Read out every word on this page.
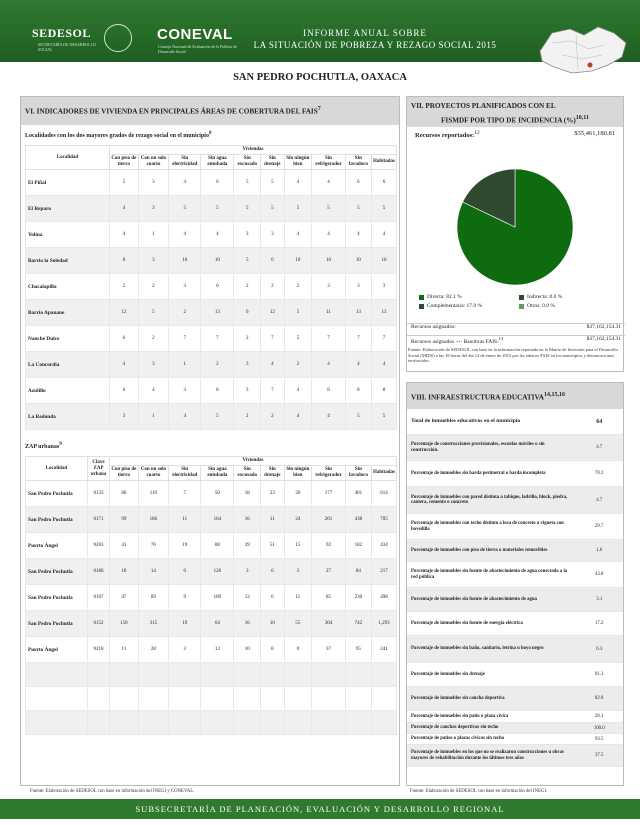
SEDESOL
SECRETARÍA DE DESARROLLO SOCIAL
CONEVAL
Consejo Nacional de Evaluación de la Política de Desarrollo Social
INFORME ANUAL SOBRE
LA SITUACIÓN DE POBREZA Y REZAGO SOCIAL 2015
SAN PEDRO POCHUTLA, OAXACA
VI. INDICADORES DE VIVIENDA EN PRINCIPALES ÁREAS DE COBERTURA DEL FAIS$^7$
Localidades con los dos mayores grados de rezago social en el municipio$^8$
Localidad	Viviendas									
	Con piso de tierra	Con un solo cuarto	Sin electricidad	Sin agua entubada	Sin excusado	Sin drenaje	Sin ningún bien	Sin refrigerador	Sin lavadora	Habitadas
El Piñal	5	3	4	6	5	5	4	4	6	6
El Reparo	4	3	5	5	5	5	5	5	5	5
Yolina	4	1	4	4	3	3	4	4	4	4
Barrio la Soledad	8	3	10	10	5	6	10	10	10	10
Chacalapilla	2	2	3	0	2	2	2	3	3	3
Barrio Apanane	12	5	2	13	6	12	5	11	13	13
Nanche Dulce	6	2	7	7	2	7	5	7	7	7
La Concordia	4	3	1	2	3	4	2	4	4	4
Azulillo	6	4	3	8	3	7	4	8	8	8
La Redonda	3	1	4	5	2	2	4	4	5	5
ZAP urbanas$^9$
Localidad	Clave ZAP urbana	Viviendas									
		Con piso de tierra	Con un solo cuarto	Sin electricidad	Sin agua entubada	Sin excusado	Sin drenaje	Sin ningún bien	Sin refrigerador	Sin lavadora	Habitadas
San Pedro Pochutla	0133	80	119	7	50	18	23	20	177	401	614
San Pedro Pochutla	0171	99	186	11	164	16	11	24	201	438	705
Puerto Ángel	0203	41	76	19	88	39	51	15	92	182	434
San Pedro Pochutla	0186	18	14	0	126	3	6	3	27	84	217
San Pedro Pochutla	0167	47	89	9	189	12	6	11	85	230	498
San Pedro Pochutla	0152	150	315	19	64	16	10	55	304	742	1,293
Puerto Ángel	0218	11	28	3	13	10	8	0	37	95	241

Fuente: Elaboración de SEDESOL con base en información del INEGI y CONEVAL.
VII. PROYECTOS PLANIFICADOS CON EL
FISMDF POR TIPO DE INCIDENCIA (%)$^{10,11}$
Recursos reportados:$^{12}$	$35,461,180.81
Directa: 82.1 %	Indirecta: 0.0 %
Complementaria: 17.9 %	Otros: 0.0 %
Recursos asignados:	$37,162,154.31
Recursos asignados +/- Banobras FAIS:$^{13}$	$37,162,154.31
Fuente: Elaboración de SEDESOL con base en la información reportada en la Matriz de Inversión para el Desarrollo Social (MIDS) a las 18 horas del día 14 de enero de 2015 por los enlaces FAIS en los municipios y demarcaciones territoriales.
VIII. INFRAESTRUCTURA EDUCATIVA$^{14,15,16}$
Total de inmuebles educativos en el municipio	64
Porcentaje de construcciones provisionales, escuelas móviles o sin construcción.	4.7
Porcentaje de inmuebles sin barda perimetral o barda incompleta	70.3
Porcentaje de inmuebles con pared distinta a tabique, ladrillo, block, piedra, cantera, cemento o concreto	4.7
Porcentaje de inmuebles con techo distinto a losa de concreto o vigueta con bovedilla	29.7
Porcentaje de inmuebles con piso de tierra o materiales removibles	1.6
Porcentaje de inmuebles sin fuente de abastecimiento de agua conectada a la red pública	43.8
Porcentaje de inmuebles sin fuente de abastecimiento de agua	3.1
Porcentaje de inmuebles sin fuente de energía eléctrica	17.2
Porcentaje de inmuebles sin baño, sanitario, letrina u hoyo negro	6.3
Porcentaje de inmuebles sin drenaje	81.3
Porcentaje de inmuebles sin cancha deportiva	82.8
Porcentaje de inmuebles sin patio o plaza cívica	28.1
Porcentaje de canchas deportivas sin techo	100.0
Porcentaje de patios o plazas cívicas sin techo	93.5
Porcentaje de inmuebles en los que no se realizaron construcciones u obras mayores de rehabilitación durante los últimos tres años	37.5
Fuente: Elaboración de SEDESOL con base en información del INEGI.
SUBSECRETARÍA DE PLANEACIÓN, EVALUACIÓN Y DESARROLLO REGIONAL
